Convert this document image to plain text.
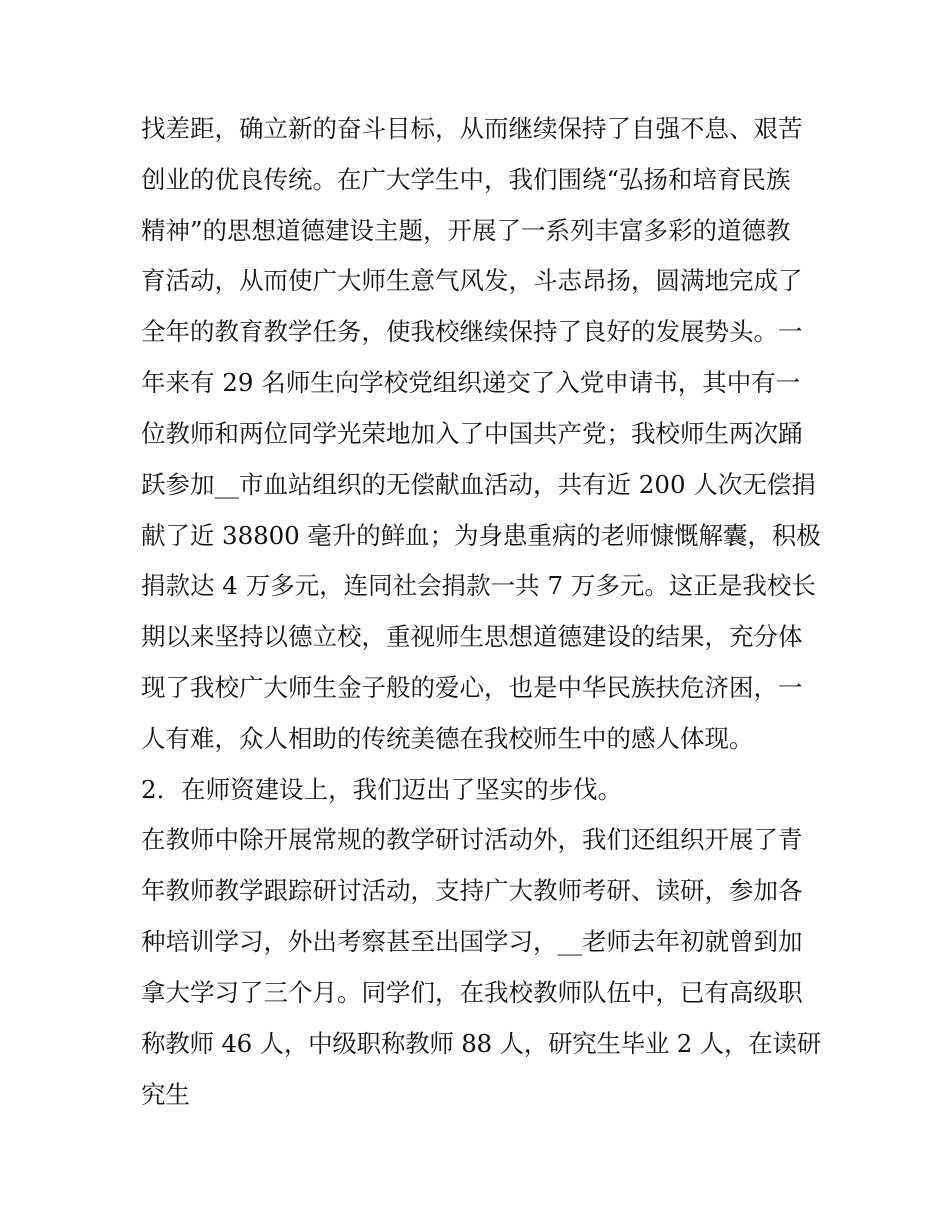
找差距，确立新的奋斗目标，从而继续保持了自强不息、艰苦
创业的优良传统。在广大学生中，我们围绕“弘扬和培育民族
精神”的思想道德建设主题，开展了一系列丰富多彩的道德教
育活动，从而使广大师生意气风发，斗志昂扬，圆满地完成了
全年的教育教学任务，使我校继续保持了良好的发展势头。一
年来有 29 名师生向学校党组织递交了入党申请书，其中有一
位教师和两位同学光荣地加入了中国共产党；我校师生两次踊
跃参加__市血站组织的无偿献血活动，共有近 200 人次无偿捐
献了近 38800 毫升的鲜血；为身患重病的老师慷慨解囊，积极
捐款达 4 万多元，连同社会捐款一共 7 万多元。这正是我校长
期以来坚持以德立校，重视师生思想道德建设的结果，充分体
现了我校广大师生金子般的爱心，也是中华民族扶危济困，一
人有难，众人相助的传统美德在我校师生中的感人体现。
2．在师资建设上，我们迈出了坚实的步伐。
在教师中除开展常规的教学研讨活动外，我们还组织开展了青
年教师教学跟踪研讨活动，支持广大教师考研、读研，参加各
种培训学习，外出考察甚至出国学习，__老师去年初就曾到加
拿大学习了三个月。同学们，在我校教师队伍中，已有高级职
称教师 46 人，中级职称教师 88 人，研究生毕业 2 人，在读研
究生
